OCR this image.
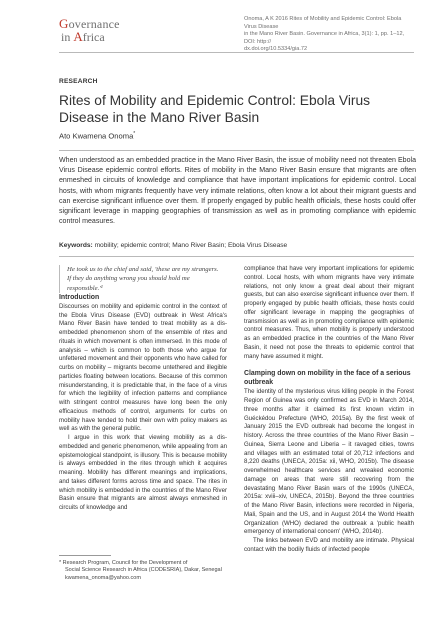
Governance
in Africa
Onoma, A K 2016 Rites of Mobility and Epidemic Control: Ebola Virus Disease
in the Mano River Basin. Governance in Africa, 3(1): 1, pp. 1–12, DOI: http://
dx.doi.org/10.5334/gia.72
RESEARCH
Rites of Mobility and Epidemic Control: Ebola Virus Disease in the Mano River Basin
Ato Kwamena Onoma*

When understood as an embedded practice in the Mano River Basin, the issue of mobility need not threaten Ebola Virus Disease epidemic control efforts. Rites of mobility in the Mano River Basin ensure that migrants are often enmeshed in circuits of knowledge and compliance that have important implications for epidemic control. Local hosts, with whom migrants frequently have very intimate relations, often know a lot about their migrant guests and can exercise significant influence over them. If properly engaged by public health officials, these hosts could offer significant leverage in mapping geographies of transmission as well as in promoting compliance with epidemic control measures.

Keywords: mobility; epidemic control; Mano River Basin; Ebola Virus Disease

He took us to the chief and said, 'these are my strangers. If they do anything wrong you should hold me responsible.'¹

Introduction

Discourses on mobility and epidemic control in the context of the Ebola Virus Disease (EVD) outbreak in West Africa's Mano River Basin have tended to treat mobility as a dis-embedded phenomenon shorn of the ensemble of rites and rituals in which movement is often immersed. In this mode of analysis – which is common to both those who argue for unfettered movement and their opponents who have called for curbs on mobility – migrants become untethered and illegible particles floating between locations. Because of this common misunderstanding, it is predictable that, in the face of a virus for which the legibility of infection patterns and compliance with stringent control measures have long been the only efficacious methods of control, arguments for curbs on mobility have tended to hold their own with policy makers as well as with the general public.

I argue in this work that viewing mobility as a dis-embedded and generic phenomenon, while appealing from an epistemological standpoint, is illusory. This is because mobility is always embedded in the rites through which it acquires meaning. Mobility has different meanings and implications, and takes different forms across time and space. The rites in which mobility is embedded in the countries of the Mano River Basin ensure that migrants are almost always enmeshed in circuits of knowledge and

* Research Program, Council for the Development of
Social Science Research in Africa (CODESRIA), Dakar, Senegal
kwamena_onoma@yahoo.com

compliance that have very important implications for epidemic control. Local hosts, with whom migrants have very intimate relations, not only know a great deal about their migrant guests, but can also exercise significant influence over them. If properly engaged by public health officials, these hosts could offer significant leverage in mapping the geographies of transmission as well as in promoting compliance with epidemic control measures. Thus, when mobility is properly understood as an embedded practice in the countries of the Mano River Basin, it need not pose the threats to epidemic control that many have assumed it might.

Clamping down on mobility in the face of a serious outbreak

The identity of the mysterious virus killing people in the Forest Region of Guinea was only confirmed as EVD in March 2014, three months after it claimed its first known victim in Guéckédou Prefecture (WHO, 2015a). By the first week of January 2015 the EVD outbreak had become the longest in history. Across the three countries of the Mano River Basin – Guinea, Sierra Leone and Liberia – it ravaged cities, towns and villages with an estimated total of 20,712 infections and 8,220 deaths (UNECA, 2015a: xii, WHO, 2015b). The disease overwhelmed healthcare services and wreaked economic damage on areas that were still recovering from the devastating Mano River Basin wars of the 1990s (UNECA, 2015a: xviii–xiv, UNECA, 2015b). Beyond the three countries of the Mano River Basin, infections were recorded in Nigeria, Mali, Spain and the US, and in August 2014 the World Health Organization (WHO) declared the outbreak a 'public health emergency of international concern' (WHO, 2014b).

The links between EVD and mobility are intimate. Physical contact with the bodily fluids of infected people
